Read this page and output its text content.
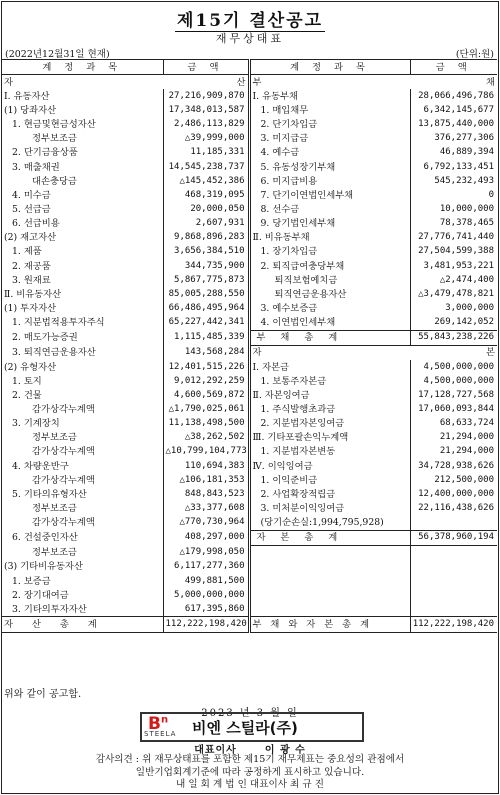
제15기 결산공고
재무상태표
(2022년12월31일 현재)	(단위:원)
계 정 과 목	금 액	계 정 과 목	금 액

자 산		부 채	

Ⅰ. 유동자산	27,216,909,870	Ⅰ. 유동부채	28,066,496,786
(1) 당좌자산	17,348,013,587	1. 매입채무	6,342,145,677
1. 현금및현금성자산	2,486,113,829	2. 단기차입금	13,875,440,000
정부보조금	△39,999,000	3. 미지급금	376,277,306
2. 단기금융상품	11,185,331	4. 예수금	46,889,394
3. 매출채권	14,545,238,737	5. 유동성장기부채	6,792,133,451
대손충당금	△145,452,386	6. 미지급비용	545,232,493
4. 미수금	468,319,095	7. 단기이연법인세부채	0
5. 선급금	20,000,050	8. 선수금	10,000,000
6. 선급비용	2,607,931	9. 당기법인세부채	78,378,465
(2) 재고자산	9,868,896,283	Ⅱ. 비유동부채	27,776,741,440
1. 제품	3,656,384,510	1. 장기차입금	27,504,599,388
2. 재공품	344,735,900	2. 퇴직급여충당부채	3,481,953,221
3. 원재료	5,867,775,873	퇴직보험예치금	△2,474,400
Ⅱ. 비유동자산	85,005,288,550	퇴직연금운용자산	△3,479,478,821
(1) 투자자산	66,486,495,964	3. 예수보증금	3,000,000
1. 지분법적용투자주식	65,227,442,341	4. 이연법인세부채	269,142,052
2. 매도가능증권	1,115,485,339	부 채 총 계	55,843,238,226
3. 퇴직연금운용자산	143,568,284	자 본	

(2) 유형자산	12,401,515,226	Ⅰ. 자본금	4,500,000,000
1. 토지	9,012,292,259	1. 보통주자본금	4,500,000,000
2. 건물	4,600,569,872	Ⅱ. 자본잉여금	17,128,727,568
감가상각누계액	△1,790,025,061	1. 주식발행초과금	17,060,093,844
3. 기계장치	11,138,498,500	2. 지분법자본잉여금	68,633,724
정부보조금	△38,262,502	Ⅲ. 기타포괄손익누계액	21,294,000
감가상각누계액	△10,799,104,773	1. 지분법자본변동	21,294,000
4. 차량운반구	110,694,383	Ⅳ. 이익잉여금	34,728,938,626
감가상각누계액	△106,181,353	1. 이익준비금	212,500,000
5. 기타의유형자산	848,843,523	2. 사업확장적립금	12,400,000,000
정부보조금	△33,377,608	3. 미처분이익잉여금	22,116,438,626
감가상각누계액	△770,730,964	(당기순손실:1,994,795,928)	
6. 건설중인자산	408,297,000	자 본 총 계	56,378,960,194
정부보조금	△179,998,050		
(3) 기타비유동자산	6,117,277,360		
1. 보증금	499,881,500		
2. 장기대여금	5,000,000,000		
3. 기타의투자자산	617,395,860		
자 산 총 계	112,222,198,420	부 채 와 자 본 총 계	112,222,198,420
위와 같이 공고함.
2023 년 3 월 일
$B^n$
STEELA 비엔 스틸라(주)
대표이사	이 광 수
감사의견 : 위 재무상태표를 포함한 제15기 재무제표는 중요성의 관점에서
일반기업회계기준에 따라 공정하게 표시하고 있습니다.
내 일 회 계 법 인 대표이사 최 규 진
